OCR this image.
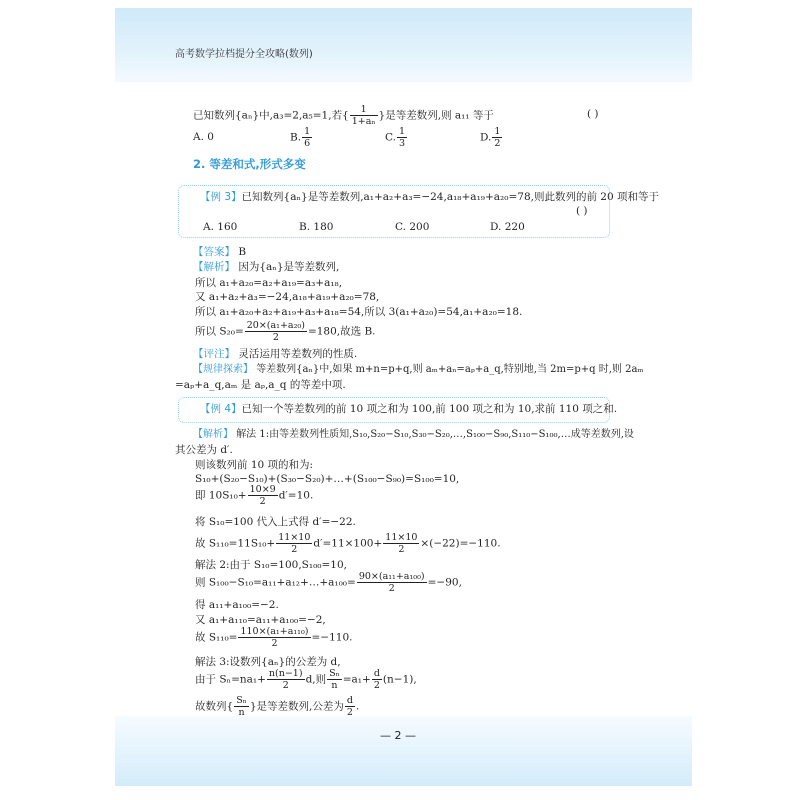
高考数学拉档提分全攻略(数列)
已知数列{aₙ}中,a₃=2,a₅=1,若{ $\frac{1}{\text{1+aₙ}}$ }是等差数列,则 a₁₁ 等于	( )
A. 0	B. $\frac{1}{6}$	C. $\frac{1}{3}$	D. $\frac{1}{2}$
2. 等差和式,形式多变
【例 3】已知数列{aₙ}是等差数列,a₁+a₂+a₃=−24,a₁₈+a₁₉+a₂₀=78,则此数列的前 20 项和等于
( )
A. 160	B. 180	C. 200	D. 220
【答案】 B
【解析】 因为{aₙ}是等差数列,
所以 a₁+a₂₀=a₂+a₁₉=a₃+a₁₈,
又 a₁+a₂+a₃=−24,a₁₈+a₁₉+a₂₀=78,
所以 a₁+a₂₀+a₂+a₁₉+a₃+a₁₈=54,所以 3(a₁+a₂₀)=54,a₁+a₂₀=18.
所以 $S_{20}= \frac{\text{20×(a₁+a₂₀)}}{2} =180$,故选 B.
【评注】 灵活运用等差数列的性质.
【规律探索】 等差数列{aₙ}中,如果 m+n=p+q,则 aₘ+aₙ=aₚ+a_q,特别地,当 2m=p+q 时,则 2aₘ
=aₚ+a_q,aₘ 是 aₚ,a_q 的等差中项.
【例 4】已知一个等差数列的前 10 项之和为 100,前 100 项之和为 10,求前 110 项之和.
【解析】 解法 1:由等差数列性质知,S₁₀,S₂₀−S₁₀,S₃₀−S₂₀,…,S₁₀₀−S₉₀,S₁₁₀−S₁₀₀,…成等差数列,设
其公差为 d′.
则该数列前 10 项的和为:
S₁₀+(S₂₀−S₁₀)+(S₃₀−S₂₀)+…+(S₁₀₀−S₉₀)=S₁₀₀=10,
即 $10S_{10}+ \frac{10\times 9}{2} d'=10$.
将 S₁₀=100 代入上式得 d′=−22.
故 $S_{110}=11S_{10}+ \frac{11\times 10}{2} d'=11\times 100+ \frac{11\times 10}{2} \times(-22)=-110$.
解法 2:由于 S₁₀=100,S₁₀₀=10,
则 S₁₀₀−S₁₀=a₁₁+a₁₂+…+a₁₀₀= $\frac{\text{90×(a₁₁+a₁₀₀)}}{2} =-90$,
得 a₁₁+a₁₀₀=−2.
又 a₁+a₁₁₀=a₁₁+a₁₀₀=−2,
故 $S_{110}= \frac{\text{110×(a₁+a₁₁₀)}}{2} =-110$.
解法 3:设数列{aₙ}的公差为 d,
由于 $S_n=na_1+ \frac{n(n-1)}{2} d$,则 $\frac{\text{Sₙ}}{n} =a_1+ \frac{d}{2} (n-1)$,
故数列{ $\frac{\text{Sₙ}}{n}$ }是等差数列,公差为 $\frac{d}{2}$ .
— 2 —
